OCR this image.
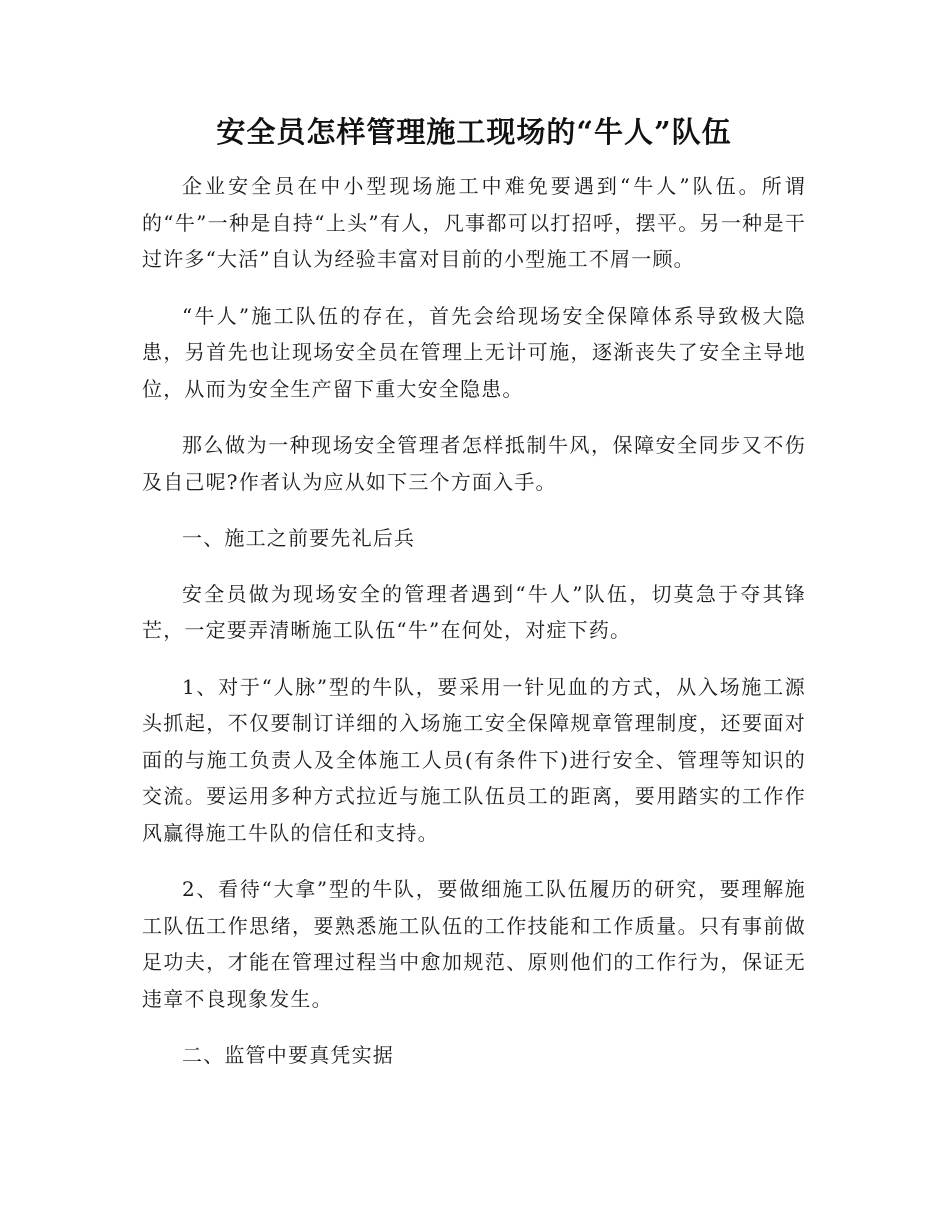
安全员怎样管理施工现场的“牛人”队伍

企业安全员在中小型现场施工中难免要遇到“牛人”队伍。所谓的“牛”一种是自持“上头”有人，凡事都可以打招呼，摆平。另一种是干过许多“大活”自认为经验丰富对目前的小型施工不屑一顾。

“牛人”施工队伍的存在，首先会给现场安全保障体系导致极大隐患，另首先也让现场安全员在管理上无计可施，逐渐丧失了安全主导地位，从而为安全生产留下重大安全隐患。

那么做为一种现场安全管理者怎样抵制牛风，保障安全同步又不伤及自己呢?作者认为应从如下三个方面入手。

一、施工之前要先礼后兵

安全员做为现场安全的管理者遇到“牛人”队伍，切莫急于夺其锋芒，一定要弄清晰施工队伍“牛”在何处，对症下药。

1、对于“人脉”型的牛队，要采用一针见血的方式，从入场施工源头抓起，不仅要制订详细的入场施工安全保障规章管理制度，还要面对面的与施工负责人及全体施工人员(有条件下)进行安全、管理等知识的交流。要运用多种方式拉近与施工队伍员工的距离，要用踏实的工作作风赢得施工牛队的信任和支持。

2、看待“大拿”型的牛队，要做细施工队伍履历的研究，要理解施工队伍工作思绪，要熟悉施工队伍的工作技能和工作质量。只有事前做足功夫，才能在管理过程当中愈加规范、原则他们的工作行为，保证无违章不良现象发生。

二、监管中要真凭实据
